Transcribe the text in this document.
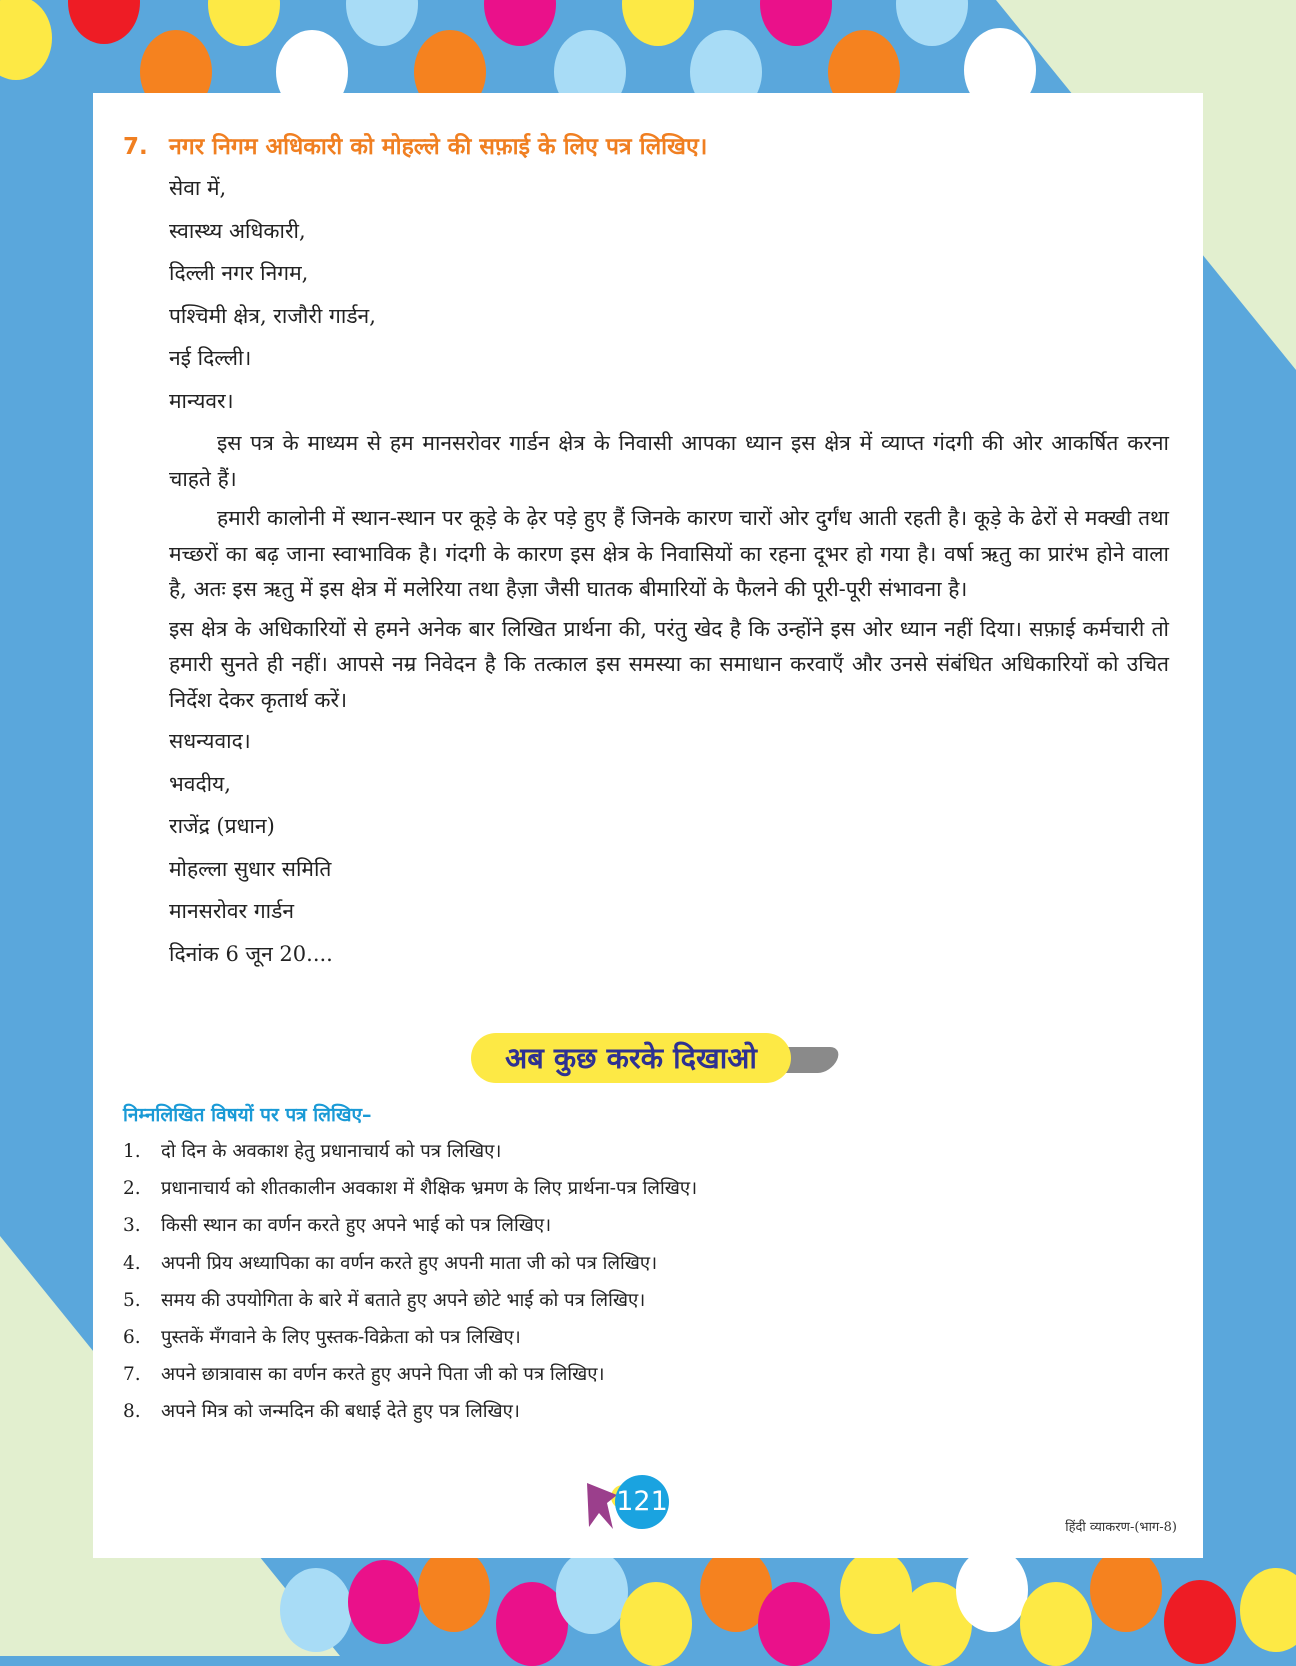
7. नगर निगम अधिकारी को मोहल्ले की सफ़ाई के लिए पत्र लिखिए।
सेवा में,
स्वास्थ्य अधिकारी,
दिल्ली नगर निगम,
पश्चिमी क्षेत्र, राजौरी गार्डन,
नई दिल्ली।
मान्यवर।

इस पत्र के माध्यम से हम मानसरोवर गार्डन क्षेत्र के निवासी आपका ध्यान इस क्षेत्र में व्याप्त गंदगी की ओर आकर्षित करना चाहते हैं।

हमारी कालोनी में स्थान-स्थान पर कूड़े के ढ़ेर पड़े हुए हैं जिनके कारण चारों ओर दुर्गंध आती रहती है। कूड़े के ढेरों से मक्खी तथा मच्छरों का बढ़ जाना स्वाभाविक है। गंदगी के कारण इस क्षेत्र के निवासियों का रहना दूभर हो गया है। वर्षा ऋतु का प्रारंभ होने वाला है, अतः इस ऋतु में इस क्षेत्र में मलेरिया तथा हैज़ा जैसी घातक बीमारियों के फैलने की पूरी-पूरी संभावना है।

इस क्षेत्र के अधिकारियों से हमने अनेक बार लिखित प्रार्थना की, परंतु खेद है कि उन्होंने इस ओर ध्यान नहीं दिया। सफ़ाई कर्मचारी तो हमारी सुनते ही नहीं। आपसे नम्र निवेदन है कि तत्काल इस समस्या का समाधान करवाएँ और उनसे संबंधित अधिकारियों को उचित निर्देश देकर कृतार्थ करें।

सधन्यवाद।
भवदीय,
राजेंद्र (प्रधान)
मोहल्ला सुधार समिति
मानसरोवर गार्डन
दिनांक 6 जून 20....
अब कुछ करके दिखाओ
निम्नलिखित विषयों पर पत्र लिखिए–
1. दो दिन के अवकाश हेतु प्रधानाचार्य को पत्र लिखिए।
2. प्रधानाचार्य को शीतकालीन अवकाश में शैक्षिक भ्रमण के लिए प्रार्थना-पत्र लिखिए।
3. किसी स्थान का वर्णन करते हुए अपने भाई को पत्र लिखिए।
4. अपनी प्रिय अध्यापिका का वर्णन करते हुए अपनी माता जी को पत्र लिखिए।
5. समय की उपयोगिता के बारे में बताते हुए अपने छोटे भाई को पत्र लिखिए।
6. पुस्तकें मँगवाने के लिए पुस्तक-विक्रेता को पत्र लिखिए।
7. अपने छात्रावास का वर्णन करते हुए अपने पिता जी को पत्र लिखिए।
8. अपने मित्र को जन्मदिन की बधाई देते हुए पत्र लिखिए।
121
हिंदी व्याकरण-(भाग-8)
